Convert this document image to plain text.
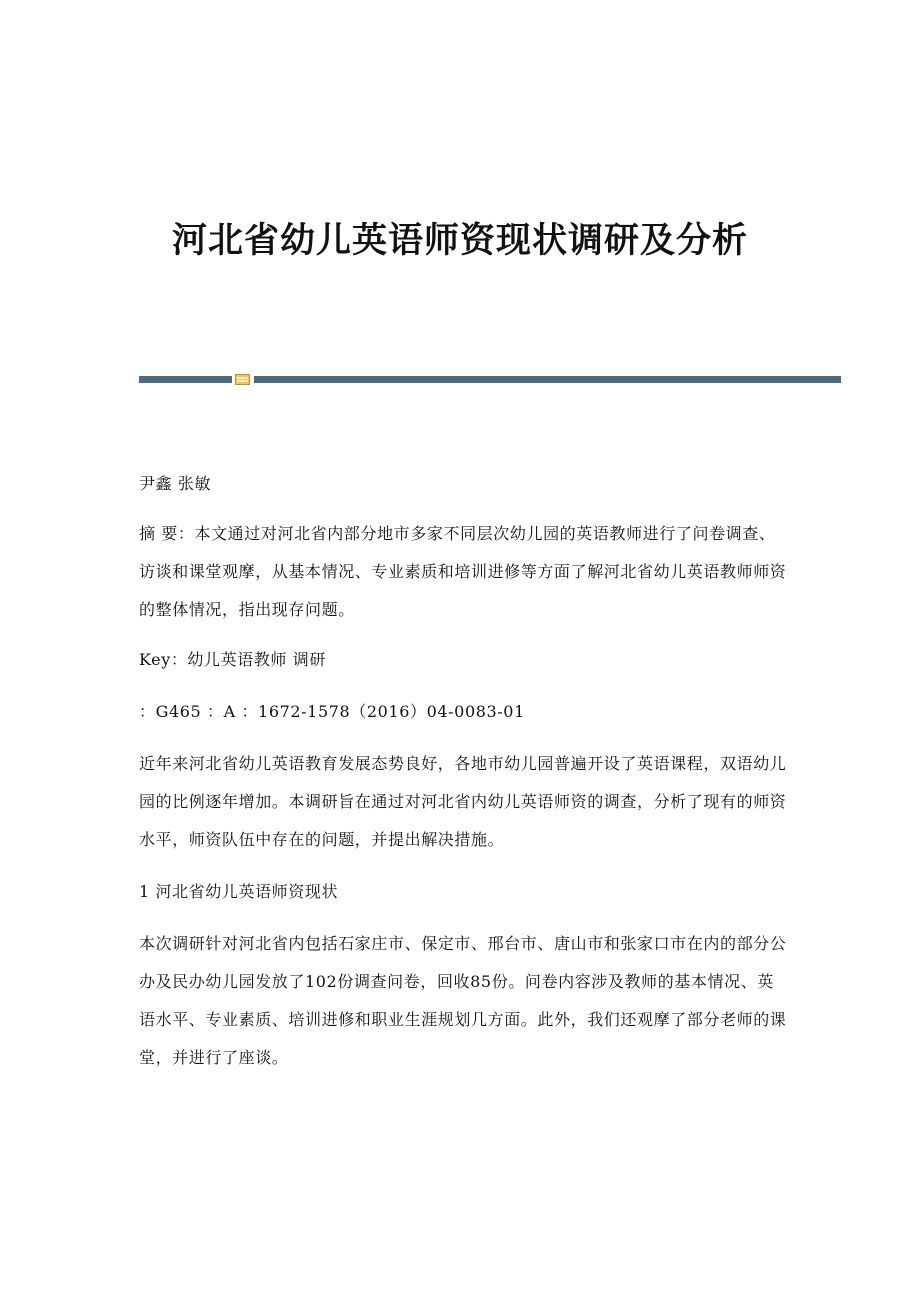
河北省幼儿英语师资现状调研及分析

尹鑫 张敏

摘 要：本文通过对河北省内部分地市多家不同层次幼儿园的英语教师进行了问卷调查、访谈和课堂观摩，从基本情况、专业素质和培训进修等方面了解河北省幼儿英语教师师资的整体情况，指出现存问题。

Key：幼儿英语教师 调研

：G465 ：A ：1672-1578（2016）04-0083-01

近年来河北省幼儿英语教育发展态势良好，各地市幼儿园普遍开设了英语课程，双语幼儿园的比例逐年增加。本调研旨在通过对河北省内幼儿英语师资的调查，分析了现有的师资水平，师资队伍中存在的问题，并提出解决措施。

1 河北省幼儿英语师资现状

本次调研针对河北省内包括石家庄市、保定市、邢台市、唐山市和张家口市在内的部分公办及民办幼儿园发放了102份调查问卷，回收85份。问卷内容涉及教师的基本情况、英语水平、专业素质、培训进修和职业生涯规划几方面。此外，我们还观摩了部分老师的课堂，并进行了座谈。
